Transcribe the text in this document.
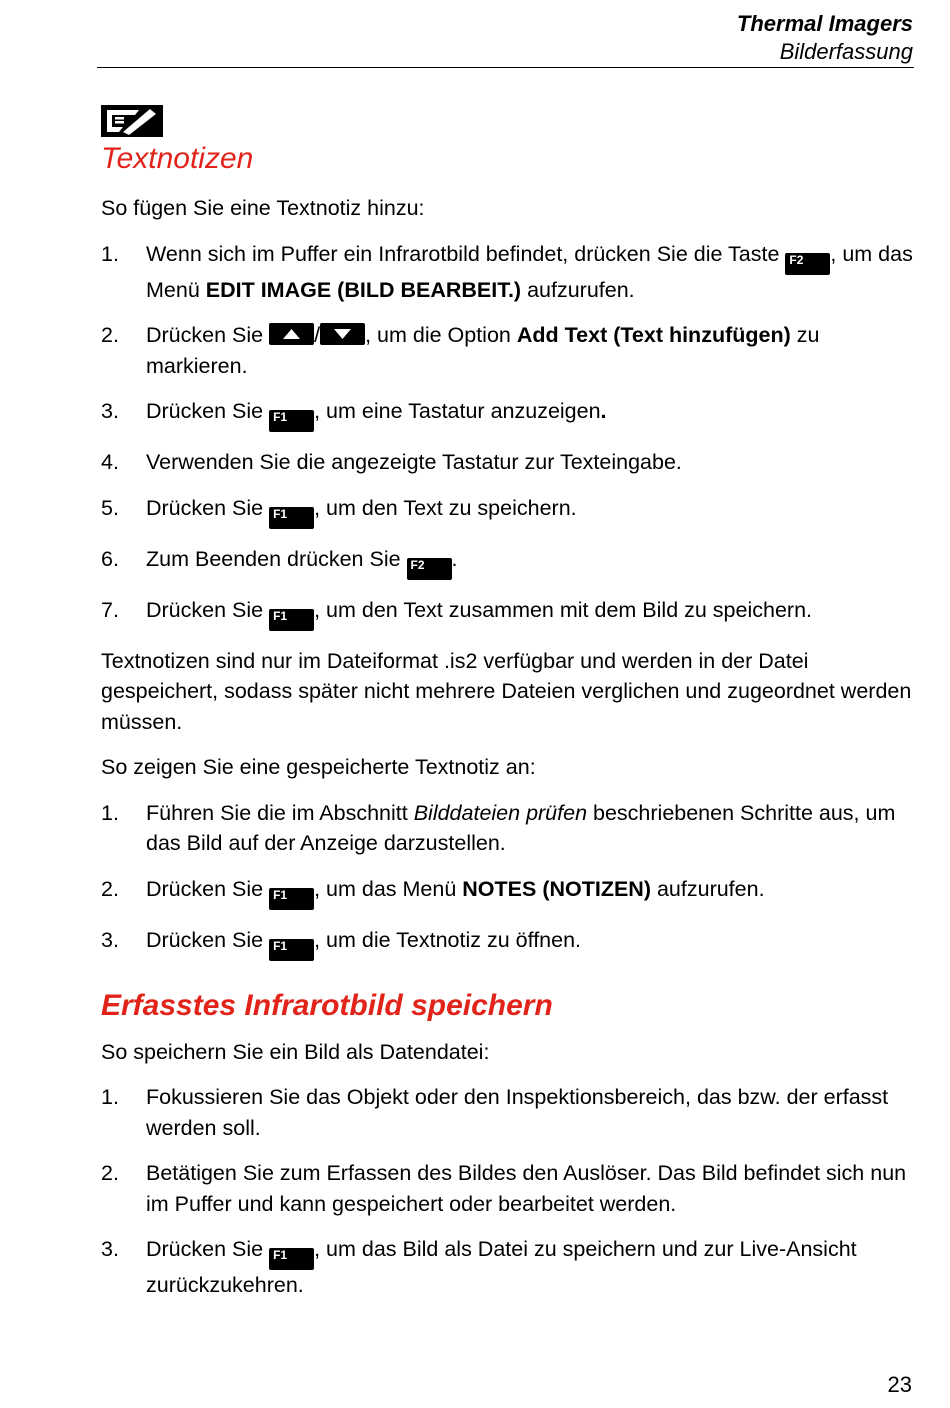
Thermal Imagers
Bilderfassung
Textnotizen

So fügen Sie eine Textnotiz hinzu:

1. Wenn sich im Puffer ein Infrarotbild befindet, drücken Sie die Taste F2 , um das Menü EDIT IMAGE (BILD BEARBEIT.) aufzurufen.
2. Drücken Sie
/ , um die Option Add Text (Text hinzufügen) zu markieren.
3. Drücken Sie F1 , um eine Tastatur anzuzeigen.
4. Verwenden Sie die angezeigte Tastatur zur Texteingabe.
5. Drücken Sie F1 , um den Text zu speichern.
6. Zum Beenden drücken Sie F2 .
7. Drücken Sie F1 , um den Text zusammen mit dem Bild zu speichern.

Textnotizen sind nur im Dateiformat .is2 verfügbar und werden in der Datei gespeichert, sodass später nicht mehrere Dateien verglichen und zugeordnet werden müssen.

So zeigen Sie eine gespeicherte Textnotiz an:

1. Führen Sie die im Abschnitt Bilddateien prüfen beschriebenen Schritte aus, um das Bild auf der Anzeige darzustellen.
2. Drücken Sie F1 , um das Menü NOTES (NOTIZEN) aufzurufen.
3. Drücken Sie F1 , um die Textnotiz zu öffnen.
Erfasstes Infrarotbild speichern

So speichern Sie ein Bild als Datendatei:

1. Fokussieren Sie das Objekt oder den Inspektionsbereich, das bzw. der erfasst werden soll.
2. Betätigen Sie zum Erfassen des Bildes den Auslöser. Das Bild befindet sich nun im Puffer und kann gespeichert oder bearbeitet werden.
3. Drücken Sie F1 , um das Bild als Datei zu speichern und zur Live-Ansicht zurückzukehren.
23
